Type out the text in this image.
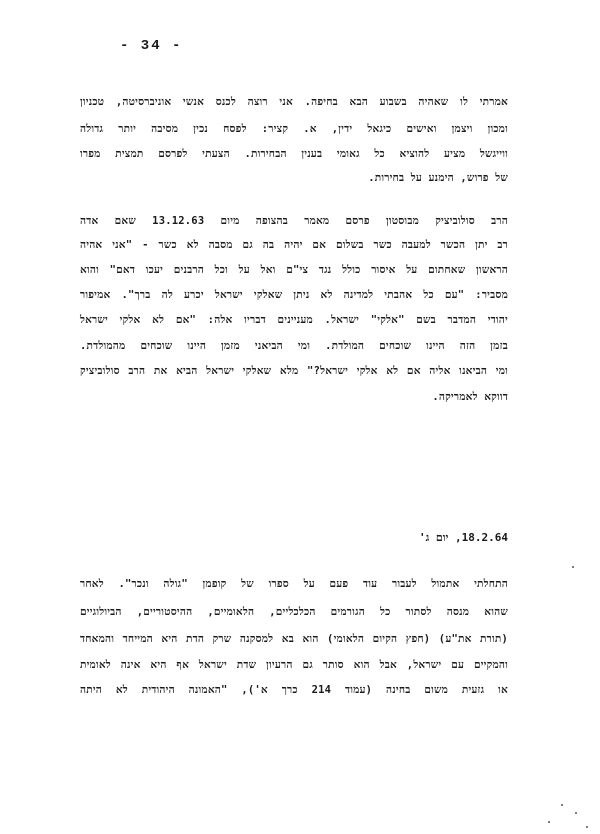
- 34 -
אמרתי לו שאהיה בשבוע הבא בחיפה. אני רוצה לכנס אנשי אוניברסיטה, טכניון
ומכון ויצמן ואישים כיגאל ידין, א. קציר: לפסח נכין מסיבה יותר גדולה
ווייגשל מציע להוציא כל גאומי בענין הבחירות. הצעתי לפרסם תמצית מפרו
של פרוש, הימנע על בחירות.
הרב סולוביציק מבוסטון פרסם מאמר בהצופה מיום 13.12.63 שאם אדה
רב יתן הכשר למעבה כשר בשלום אם יהיה בה גם מסבה לא כשר - "אני אהיה
הראשון שאחתום על איסור כולל נגד צי"ם ואל על וכל הרבנים יעכו דאם" והוא
מסביר: "עם כל אהבתי למדינה לא ניתן שאלקי ישראל יכרע לה ברך". אמיפור
יהודי המדבר בשם "אלקי" ישראל. מעניינים דבריו אלה: "אם לא אלקי ישראל
בזמן הזה היינו שוכחים המולדת. ומי הביאני מזמן היינו שוכחים מהמולדת.
ומי הביאנו אליה אם לא אלקי ישראל?" מלא שאלקי ישראל הביא את הרב סולוביציק
דווקא לאמריקה.
18.2.64, יום ג'
התחלתי אתמול לעבור עוד פעם על ספרו של קופמן "גולה ונכר". לאחר
שהוא מנסה לסתור כל הגורמים הכלכליים, הלאומיים, ההיסטוריים, הביולוגיים
(תורת את"ע) (חפץ הקיום הלאומי) הוא בא למסקנה שרק הדת היא המייחד והמאחד
והמקיים עם ישראל, אבל הוא סותר גם הרעיון שדת ישראל אף היא אינה לאומית
או גזעית משום בחינה (עמוד 214 כרך א'), "האמונה היהודית לא היתה
